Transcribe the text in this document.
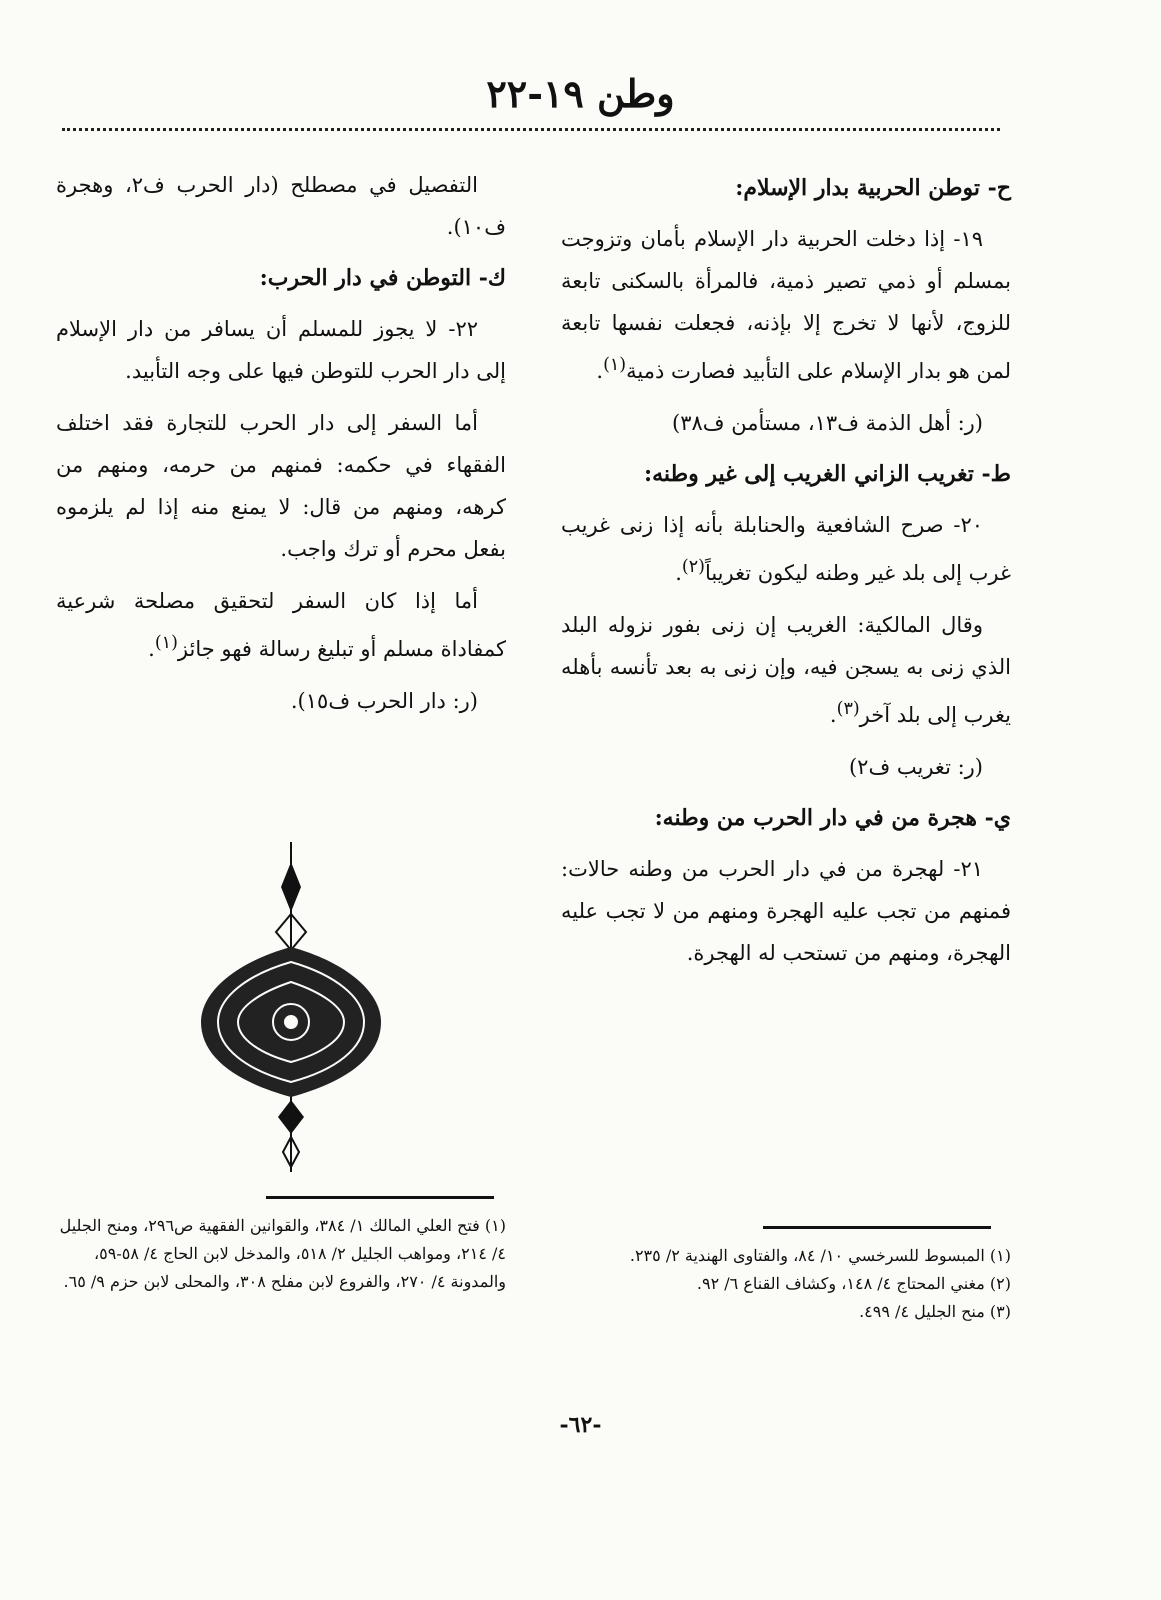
وطن ١٩-٢٢
ح- توطن الحربية بدار الإسلام:

١٩- إذا دخلت الحربية دار الإسلام بأمان وتزوجت بمسلم أو ذمي تصير ذمية، فالمرأة بالسكنى تابعة للزوج، لأنها لا تخرج إلا بإذنه، فجعلت نفسها تابعة لمن هو بدار الإسلام على التأبيد فصارت ذمية$^{(١)}$.

(ر: أهل الذمة ف١٣، مستأمن ف٣٨)

ط- تغريب الزاني الغريب إلى غير وطنه:

٢٠- صرح الشافعية والحنابلة بأنه إذا زنى غريب غرب إلى بلد غير وطنه ليكون تغريباً$^{(٢)}$.

وقال المالكية: الغريب إن زنى بفور نزوله البلد الذي زنى به يسجن فيه، وإن زنى به بعد تأنسه بأهله يغرب إلى بلد آخر$^{(٣)}$.

(ر: تغريب ف٢)

ي- هجرة من في دار الحرب من وطنه:

٢١- لهجرة من في دار الحرب من وطنه حالات: فمنهم من تجب عليه الهجرة ومنهم من لا تجب عليه الهجرة، ومنهم من تستحب له الهجرة.

التفصيل في مصطلح (دار الحرب ف٢، وهجرة ف١٠).

ك- التوطن في دار الحرب:

٢٢- لا يجوز للمسلم أن يسافر من دار الإسلام إلى دار الحرب للتوطن فيها على وجه التأبيد.

أما السفر إلى دار الحرب للتجارة فقد اختلف الفقهاء في حكمه: فمنهم من حرمه، ومنهم من كرهه، ومنهم من قال: لا يمنع منه إذا لم يلزموه بفعل محرم أو ترك واجب.

أما إذا كان السفر لتحقيق مصلحة شرعية كمفاداة مسلم أو تبليغ رسالة فهو جائز$^{(١)}$.

(ر: دار الحرب ف١٥).

(١) فتح العلي المالك ١/ ٣٨٤، والقوانين الفقهية ص٢٩٦، ومنح الجليل ٤/ ٢١٤، ومواهب الجليل ٢/ ٥١٨، والمدخل لابن الحاج ٤/ ٥٨-٥٩، والمدونة ٤/ ٢٧٠، والفروع لابن مفلح ٣٠٨، والمحلى لابن حزم ٩/ ٦٥.

(١) المبسوط للسرخسي ١٠/ ٨٤، والفتاوى الهندية ٢/ ٢٣٥.

(٢) مغني المحتاج ٤/ ١٤٨، وكشاف القناع ٦/ ٩٢.

(٣) منح الجليل ٤/ ٤٩٩.

-٦٢-
